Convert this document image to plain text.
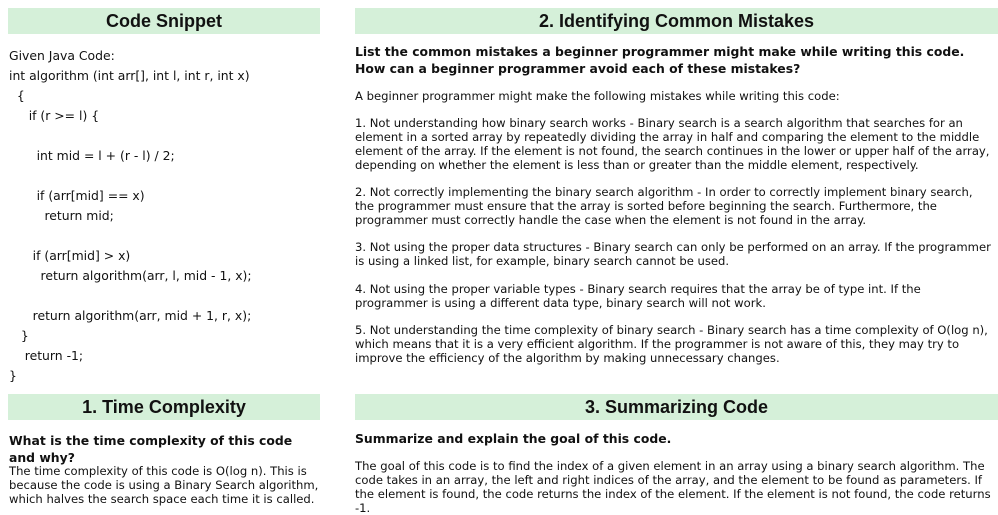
Code Snippet
Given Java Code:
int algorithm (int arr[], int l, int r, int x)
{
if (r >= l) {
int mid = l + (r - l) / 2;
if (arr[mid] == x)
return mid;
if (arr[mid] > x)
return algorithm(arr, l, mid - 1, x);
return algorithm(arr, mid + 1, r, x);
}
return -1;
}
1. Time Complexity
What is the time complexity of this code and why?
The time complexity of this code is O(log n). This is because the code is using a Binary Search algorithm, which halves the search space each time it is called.
2. Identifying Common Mistakes
List the common mistakes a beginner programmer might make while writing this code. How can a beginner programmer avoid each of these mistakes?
A beginner programmer might make the following mistakes while writing this code:
1. Not understanding how binary search works - Binary search is a search algorithm that searches for an element in a sorted array by repeatedly dividing the array in half and comparing the element to the middle element of the array. If the element is not found, the search continues in the lower or upper half of the array, depending on whether the element is less than or greater than the middle element, respectively.
2. Not correctly implementing the binary search algorithm - In order to correctly implement binary search, the programmer must ensure that the array is sorted before beginning the search. Furthermore, the programmer must correctly handle the case when the element is not found in the array.
3. Not using the proper data structures - Binary search can only be performed on an array. If the programmer is using a linked list, for example, binary search cannot be used.
4. Not using the proper variable types - Binary search requires that the array be of type int. If the programmer is using a different data type, binary search will not work.
5. Not understanding the time complexity of binary search - Binary search has a time complexity of O(log n), which means that it is a very efficient algorithm. If the programmer is not aware of this, they may try to improve the efficiency of the algorithm by making unnecessary changes.
3. Summarizing Code
Summarize and explain the goal of this code.
The goal of this code is to find the index of a given element in an array using a binary search algorithm. The code takes in an array, the left and right indices of the array, and the element to be found as parameters. If the element is found, the code returns the index of the element. If the element is not found, the code returns -1.
